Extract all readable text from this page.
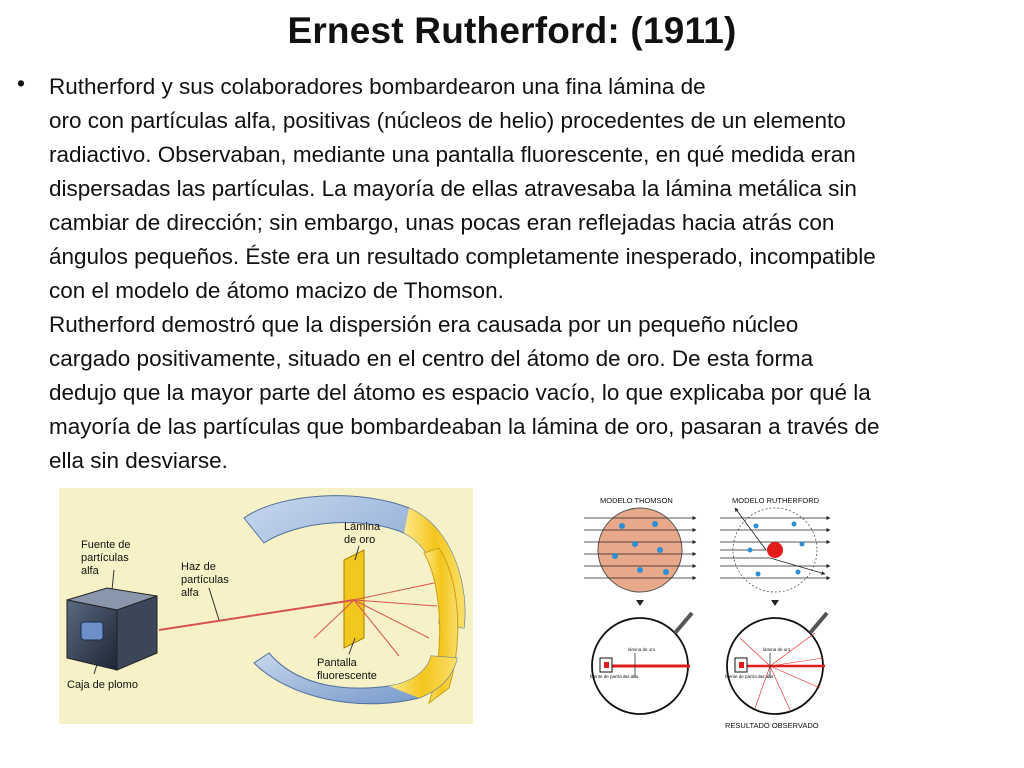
Ernest Rutherford: (1911)
• Rutherford y sus colaboradores bombardearon una fina lámina de
oro con partículas alfa, positivas (núcleos de helio) procedentes de un elemento
radiactivo. Observaban, mediante una pantalla fluorescente, en qué medida eran
dispersadas las partículas. La mayoría de ellas atravesaba la lámina metálica sin
cambiar de dirección; sin embargo, unas pocas eran reflejadas hacia atrás con
ángulos pequeños. Éste era un resultado completamente inesperado, incompatible
con el modelo de átomo macizo de Thomson.
Rutherford demostró que la dispersión era causada por un pequeño núcleo
cargado positivamente, situado en el centro del átomo de oro. De esta forma
dedujo que la mayor parte del átomo es espacio vacío, lo que explicaba por qué la
mayoría de las partículas que bombardeaban la lámina de oro, pasaran a través de
ella sin desviarse.
Fuente de
partículas
alfa	Haz de
partículas
alfa
Lámina
de oro
Pantalla
fluorescente
Caja de plomo
MODELO THOMSON	MODELO RUTHERFORD
lámina de oro
fuente de partículas alfa
lámina de oro
fuente de partículas alfa
RESULTADO OBSERVADO
